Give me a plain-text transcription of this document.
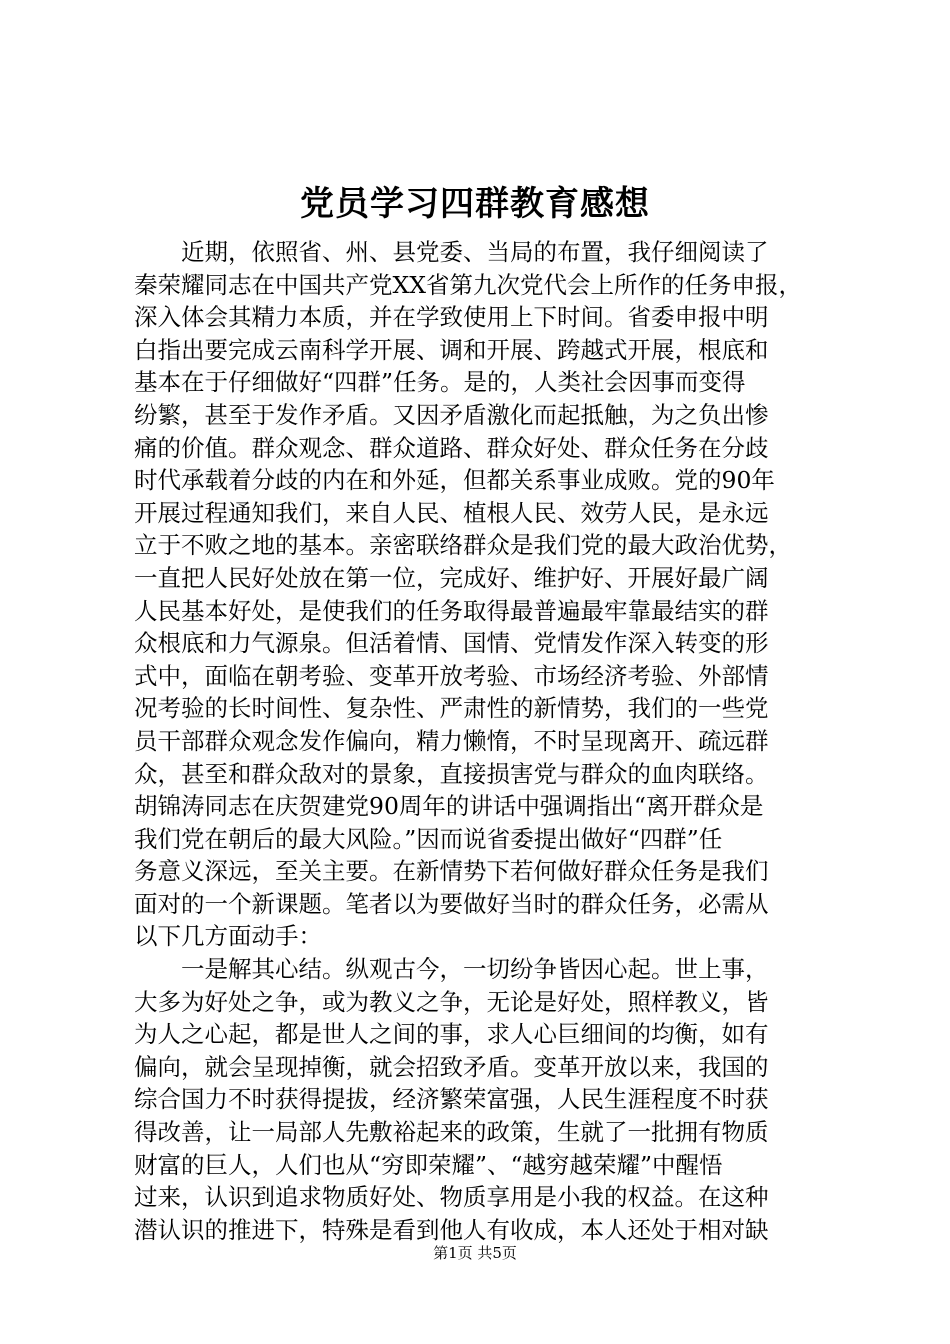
党员学习四群教育感想
　　近期，依照省、州、县党委、当局的布置，我仔细阅读了
秦荣耀同志在中国共产党XX省第九次党代会上所作的任务申报，
深入体会其精力本质，并在学致使用上下时间。省委申报中明
白指出要完成云南科学开展、调和开展、跨越式开展，根底和
基本在于仔细做好“四群”任务。是的，人类社会因事而变得
纷繁，甚至于发作矛盾。又因矛盾激化而起抵触，为之负出惨
痛的价值。群众观念、群众道路、群众好处、群众任务在分歧
时代承载着分歧的内在和外延，但都关系事业成败。党的90年
开展过程通知我们，来自人民、植根人民、效劳人民，是永远
立于不败之地的基本。亲密联络群众是我们党的最大政治优势，
一直把人民好处放在第一位，完成好、维护好、开展好最广阔
人民基本好处，是使我们的任务取得最普遍最牢靠最结实的群
众根底和力气源泉。但活着情、国情、党情发作深入转变的形
式中，面临在朝考验、变革开放考验、市场经济考验、外部情
况考验的长时间性、复杂性、严肃性的新情势，我们的一些党
员干部群众观念发作偏向，精力懒惰，不时呈现离开、疏远群
众，甚至和群众敌对的景象，直接损害党与群众的血肉联络。
胡锦涛同志在庆贺建党90周年的讲话中强调指出“离开群众是
我们党在朝后的最大风险。”因而说省委提出做好“四群”任
务意义深远，至关主要。在新情势下若何做好群众任务是我们
面对的一个新课题。笔者以为要做好当时的群众任务，必需从
以下几方面动手：
　　一是解其心结。纵观古今，一切纷争皆因心起。世上事，
大多为好处之争，或为教义之争，无论是好处，照样教义，皆
为人之心起，都是世人之间的事，求人心巨细间的均衡，如有
偏向，就会呈现掉衡，就会招致矛盾。变革开放以来，我国的
综合国力不时获得提拔，经济繁荣富强，人民生涯程度不时获
得改善，让一局部人先敷裕起来的政策，生就了一批拥有物质
财富的巨人，人们也从“穷即荣耀”、“越穷越荣耀”中醒悟
过来，认识到追求物质好处、物质享用是小我的权益。在这种
潜认识的推进下，特殊是看到他人有收成，本人还处于相对缺
第1页 共5页
